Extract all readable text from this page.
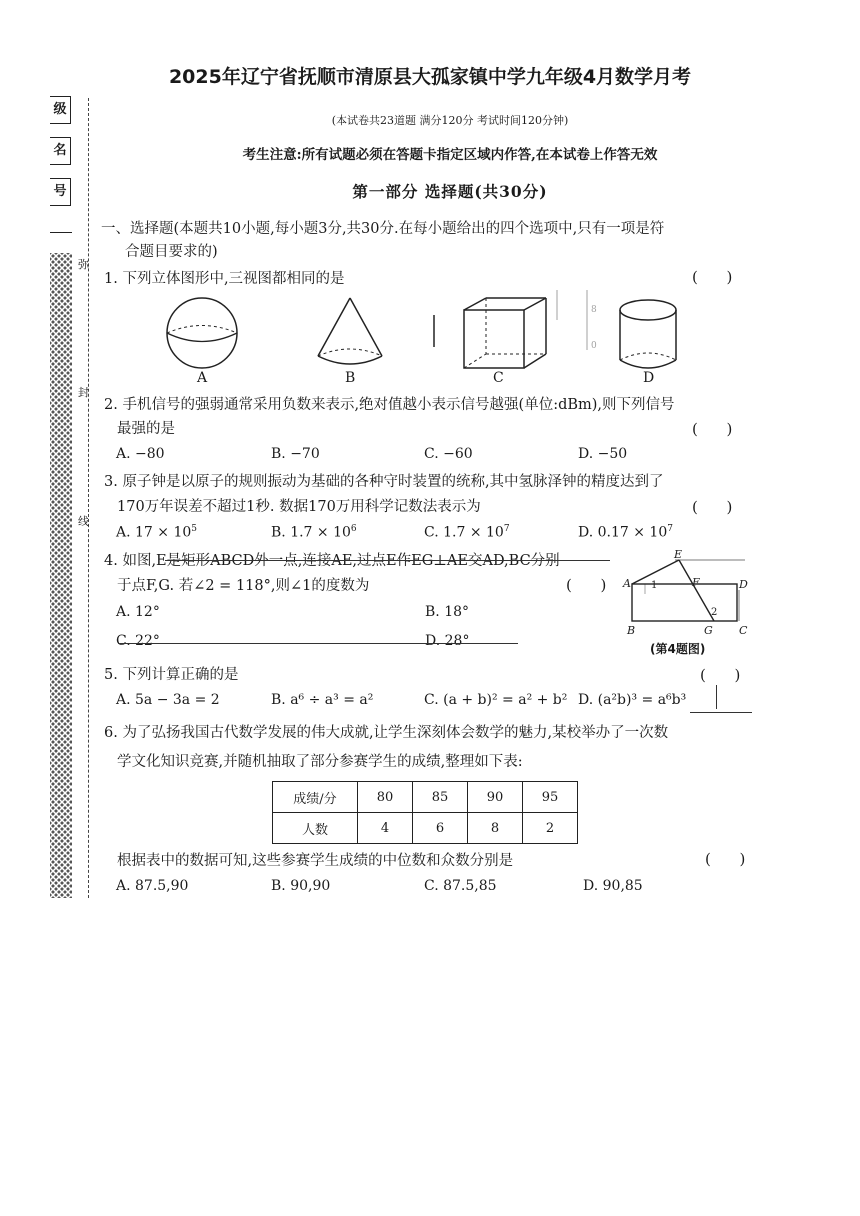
2025年辽宁省抚顺市清原县大孤家镇中学九年级4月数学月考
(本试卷共23道题 满分120分 考试时间120分钟)
考生注意:所有试题必须在答题卡指定区域内作答,在本试卷上作答无效
第一部分 选择题(共30分)
级
名
号
弥
封
线
一、选择题(本题共10小题,每小题3分,共30分.在每小题给出的四个选项中,只有一项是符
合题目要求的)
1. 下列立体图形中,三视图都相同的是	(      )
8
0
A	B	C	D
2. 手机信号的强弱通常采用负数来表示,绝对值越小表示信号越强(单位:dBm),则下列信号
最强的是	(      )
A. −80	B. −70	C. −60	D. −50
3. 原子钟是以原子的规则振动为基础的各种守时装置的统称,其中氢脉泽钟的精度达到了
170万年误差不超过1秒. 数据170万用科学记数法表示为	(      )
A. $17 \times 10^5$	B. $1.7 \times 10^6$	C. $1.7 \times 10^7$	D. $0.17 \times 10^7$
4. 如图,E是矩形ABCD外一点,连接AE,过点E作EG⊥AE交AD,BC分别
于点F,G. 若∠2 = 118°,则∠1的度数为	(      )
A. 12°	B. 18°
C. 22°	D. 28°
E
A 1	F	D
2
B	G C
(第4题图)
5. 下列计算正确的是	(      )
A. 5a − 3a = 2	B. a⁶ ÷ a³ = a²	C. (a + b)² = a² + b² D. (a²b)³ = a⁶b³
6. 为了弘扬我国古代数学发展的伟大成就,让学生深刻体会数学的魅力,某校举办了一次数
学文化知识竞赛,并随机抽取了部分参赛学生的成绩,整理如下表:
成绩/分	80	85	90	95
人数	4	6	8	2
根据表中的数据可知,这些参赛学生成绩的中位数和众数分别是	(      )
A. 87.5,90	B. 90,90	C. 87.5,85	D. 90,85
